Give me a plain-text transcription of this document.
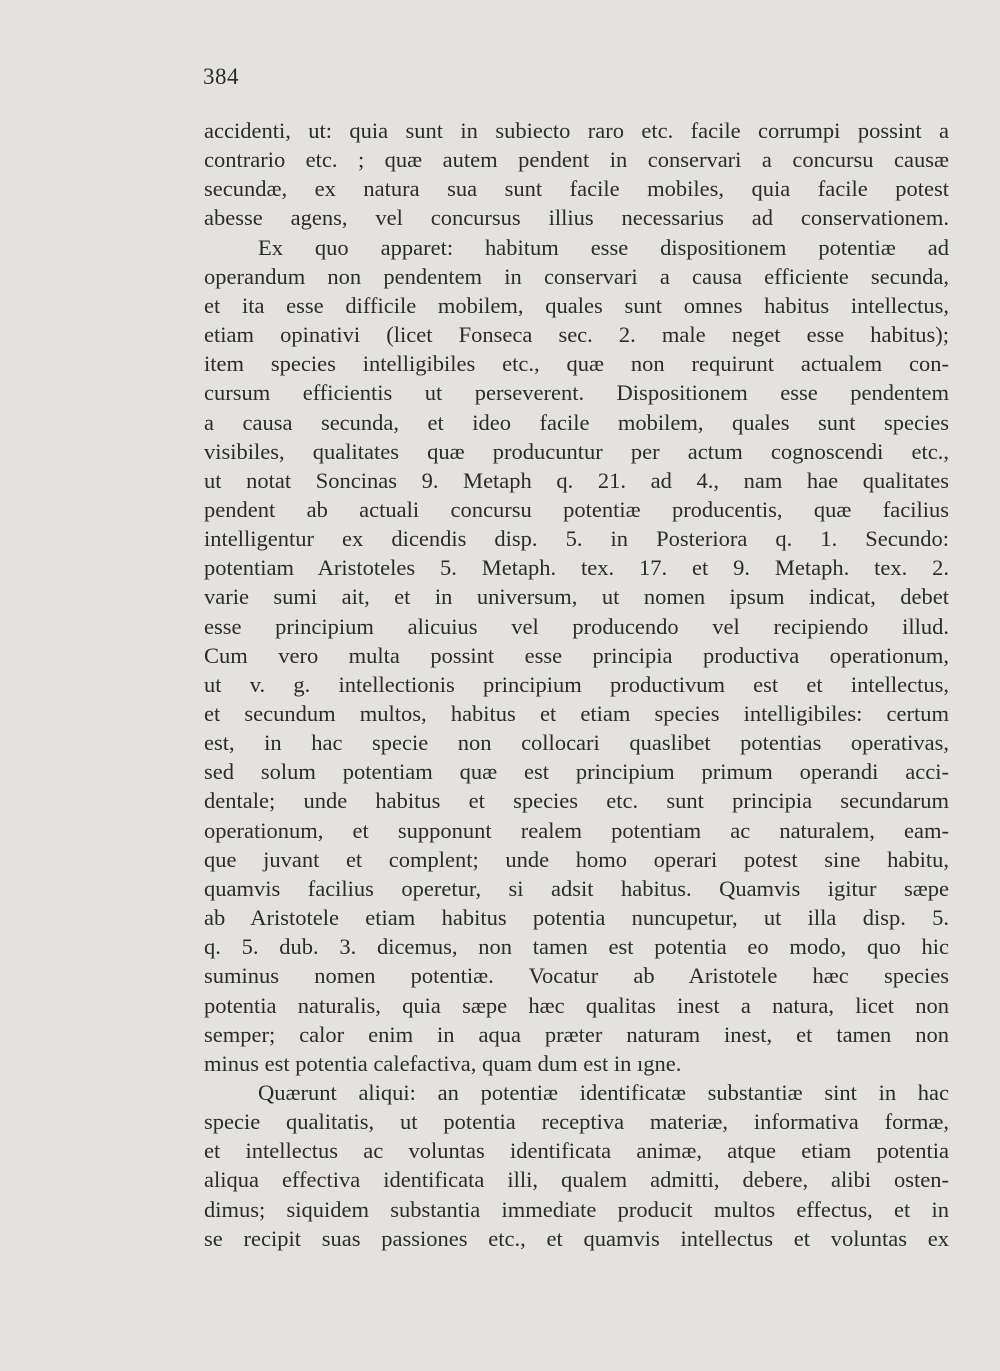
384
accidenti, ut: quia sunt in subiecto raro etc. facile corrumpi possint a
contrario etc. ; quæ autem pendent in conservari a concursu causæ
secundæ, ex natura sua sunt facile mobiles, quia facile potest
abesse agens, vel concursus illius necessarius ad conservationem.
Ex quo apparet: habitum esse dispositionem potentiæ ad
operandum non pendentem in conservari a causa efficiente secunda,
et ita esse difficile mobilem, quales sunt omnes habitus intellectus,
etiam opinativi (licet Fonseca sec. 2. male neget esse habitus);
item species intelligibiles etc., quæ non requirunt actualem con-
cursum efficientis ut perseverent. Dispositionem esse pendentem
a causa secunda, et ideo facile mobilem, quales sunt species
visibiles, qualitates quæ producuntur per actum cognoscendi etc.,
ut notat Soncinas 9. Metaph q. 21. ad 4., nam hae qualitates
pendent ab actuali concursu potentiæ producentis, quæ facilius
intelligentur ex dicendis disp. 5. in Posteriora q. 1. Secundo:
potentiam Aristoteles 5. Metaph. tex. 17. et 9. Metaph. tex. 2.
varie sumi ait, et in universum, ut nomen ipsum indicat, debet
esse principium alicuius vel producendo vel recipiendo illud.
Cum vero multa possint esse principia productiva operationum,
ut v. g. intellectionis principium productivum est et intellectus,
et secundum multos, habitus et etiam species intelligibiles: certum
est, in hac specie non collocari quaslibet potentias operativas,
sed solum potentiam quæ est principium primum operandi acci-
dentale; unde habitus et species etc. sunt principia secundarum
operationum, et supponunt realem potentiam ac naturalem, eam-
que juvant et complent; unde homo operari potest sine habitu,
quamvis facilius operetur, si adsit habitus. Quamvis igitur sæpe
ab Aristotele etiam habitus potentia nuncupetur, ut illa disp. 5.
q. 5. dub. 3. dicemus, non tamen est potentia eo modo, quo hic
suminus nomen potentiæ. Vocatur ab Aristotele hæc species
potentia naturalis, quia sæpe hæc qualitas inest a natura, licet non
semper; calor enim in aqua præter naturam inest, et tamen non
minus est potentia calefactiva, quam dum est in ıgne.
Quærunt aliqui: an potentiæ identificatæ substantiæ sint in hac
specie qualitatis, ut potentia receptiva materiæ, informativa formæ,
et intellectus ac voluntas identificata animæ, atque etiam potentia
aliqua effectiva identificata illi, qualem admitti, debere, alibi osten-
dimus; siquidem substantia immediate producit multos effectus, et in
se recipit suas passiones etc., et quamvis intellectus et voluntas ex
